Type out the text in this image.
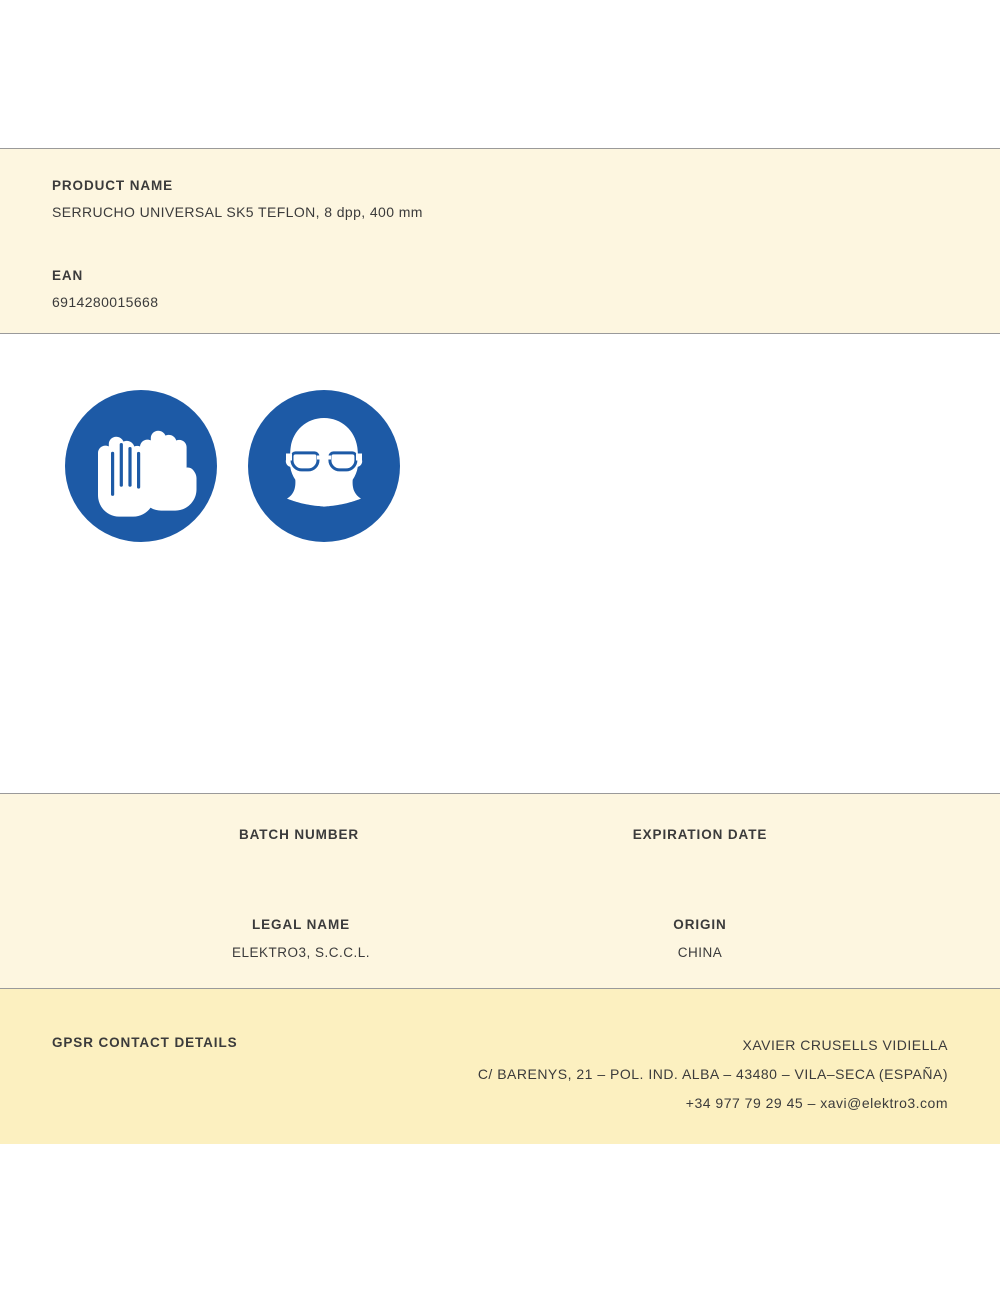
PRODUCT NAME
SERRUCHO UNIVERSAL SK5 TEFLON, 8 dpp, 400 mm
EAN
6914280015668
BATCH NUMBER	EXPIRATION DATE
LEGAL NAME
ELEKTRO3, S.C.C.L.
ORIGIN
CHINA
GPSR CONTACT DETAILS	XAVIER CRUSELLS VIDIELLA
C/ BARENYS, 21 – POL. IND. ALBA – 43480 – VILA–SECA (ESPAÑA)
+34 977 79 29 45 – xavi@elektro3.com
